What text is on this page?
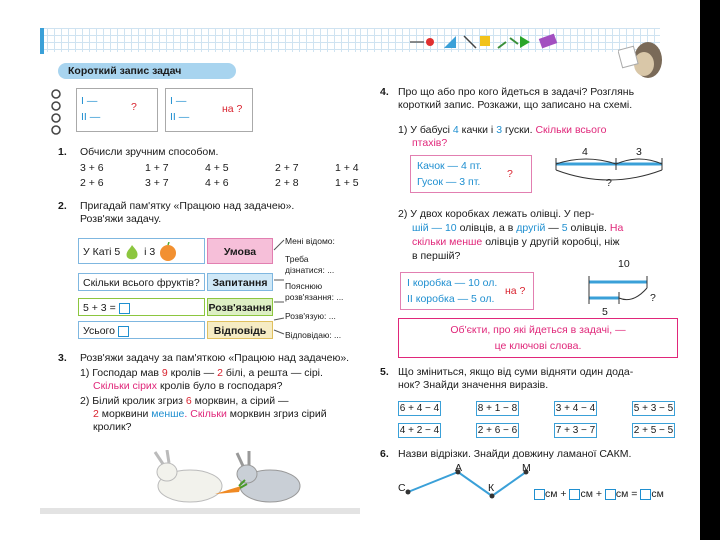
Короткий запис задач
I —
II —
?	I —
II —
на ?
1. Обчисли зручним способом.
3 + 6	1 + 7	4 + 5	2 + 7	1 + 4
2 + 6	3 + 7	4 + 6	2 + 8	1 + 5
2. Пригадай пам'ятку «Працюю над задачею».
Розв'яжи задачу.
У Каті 5 і 3	Умова
Скільки всього фруктів?	Запитання
5 + 3 =	Розв'язання
Усього	Відповідь
Мені відомо:
Треба
дізнатися: ...
Пояснюю
розв'язання: ...
Розв'язую: ...
Відповідаю: ...
3. Розв'яжи задачу за пам'яткою «Працюю над задачею».
1) Господар мав 9 кролів — 2 білі, а решта — сірі.
Скільки сірих кролів було в господаря?
2) Білий кролик згриз 6 морквин, а сірий —
2 морквини менше. Скільки морквин згриз сірий
кролик?
4. Про що або про кого йдеться в задачі? Розглянь
короткий запис. Розкажи, що записано на схемі.
1) У бабусі 4 качки і 3 гуски. Скільки всього
птахів?
Качок — 4 пт.
Гусок — 3 пт.
?
4	3
?
2) У двох коробках лежать олівці. У пер-
шій — 10 олівців, а в другій — 5 олівців. На
скільки менше олівців у другій коробці, ніж
в першій?
I коробка — 10 ол.
II коробка — 5 ол.
на ?
10
5
?
Об'єкти, про які йдеться в задачі, —
це ключові слова.
5. Що зміниться, якщо від суми відняти один дода-
нок? Знайди значення виразів.
6 + 4 − 4	8 + 1 − 8	3 + 4 − 4	5 + 3 − 5
4 + 2 − 4	2 + 6 − 6	7 + 3 − 7	2 + 5 − 5
6. Назви відрізки. Знайди довжину ламаної САКМ.
С
А
К
М
см + см + см = см
